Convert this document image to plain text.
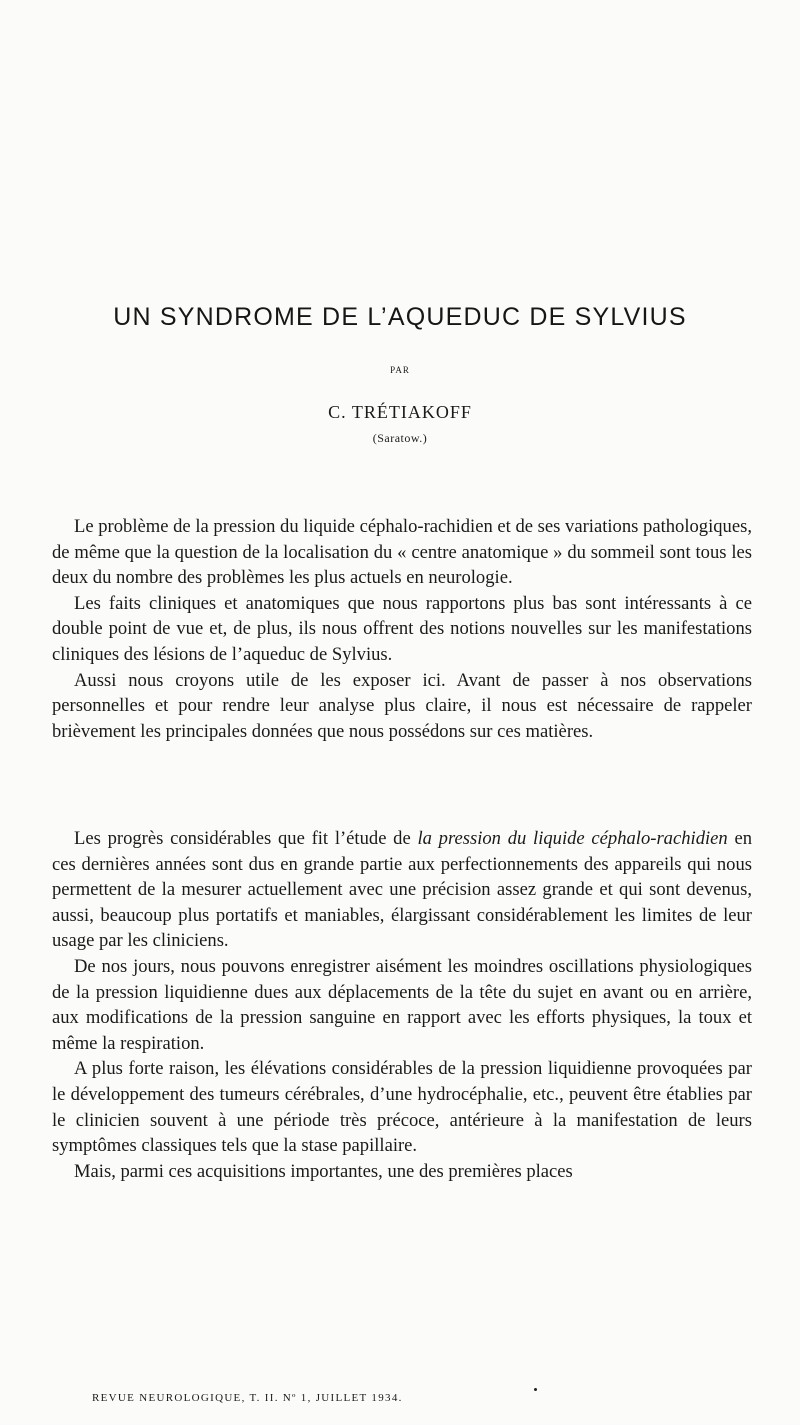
UN SYNDROME DE L’AQUEDUC DE SYLVIUS
PAR
C. TRÉTIAKOFF
(Saratow.)

Le problème de la pression du liquide céphalo-rachidien et de ses variations pathologiques, de même que la question de la localisation du « centre anatomique » du sommeil sont tous les deux du nombre des problèmes les plus actuels en neurologie.

Les faits cliniques et anatomiques que nous rapportons plus bas sont intéressants à ce double point de vue et, de plus, ils nous offrent des notions nouvelles sur les manifestations cliniques des lésions de l’aqueduc de Sylvius.

Aussi nous croyons utile de les exposer ici. Avant de passer à nos observations personnelles et pour rendre leur analyse plus claire, il nous est nécessaire de rappeler brièvement les principales données que nous possédons sur ces matières.

Les progrès considérables que fit l’étude de la pression du liquide céphalo-rachidien en ces dernières années sont dus en grande partie aux perfectionnements des appareils qui nous permettent de la mesurer actuellement avec une précision assez grande et qui sont devenus, aussi, beaucoup plus portatifs et maniables, élargissant considérablement les limites de leur usage par les cliniciens.

De nos jours, nous pouvons enregistrer aisément les moindres oscillations physiologiques de la pression liquidienne dues aux déplacements de la tête du sujet en avant ou en arrière, aux modifications de la pression sanguine en rapport avec les efforts physiques, la toux et même la respiration.

A plus forte raison, les élévations considérables de la pression liquidienne provoquées par le développement des tumeurs cérébrales, d’une hydrocéphalie, etc., peuvent être établies par le clinicien souvent à une période très précoce, antérieure à la manifestation de leurs symptômes classiques tels que la stase papillaire.

Mais, parmi ces acquisitions importantes, une des premières places

REVUE NEUROLOGIQUE, T. II. Nº 1, JUILLET 1934.
